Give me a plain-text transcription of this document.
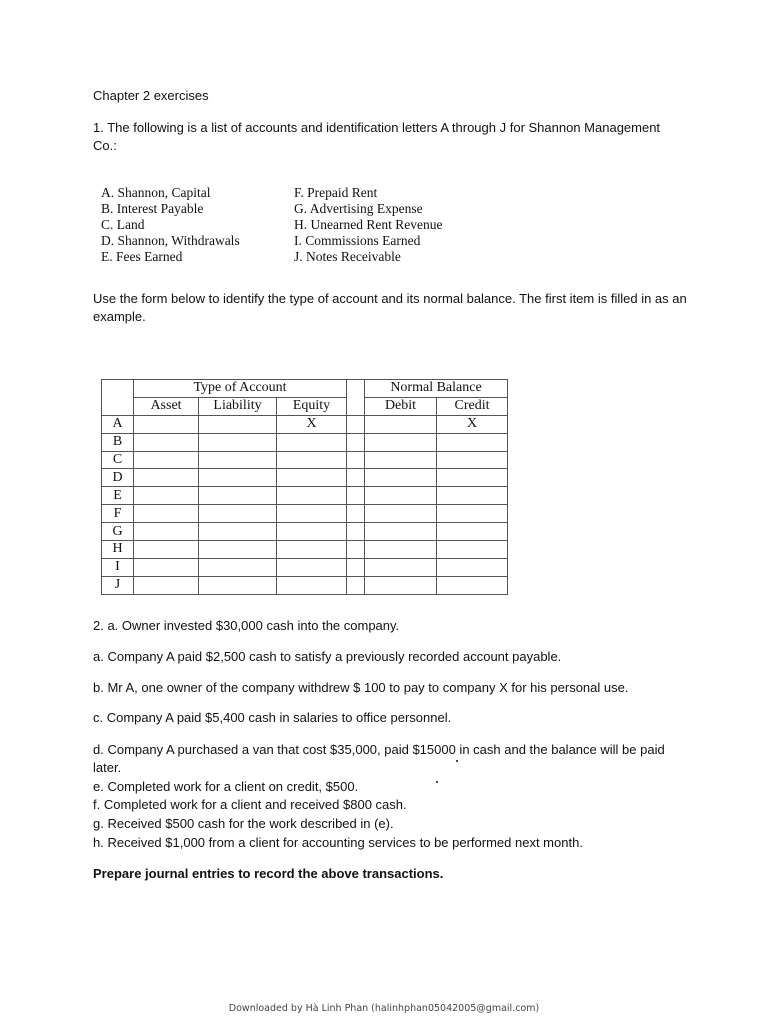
Chapter 2 exercises
1. The following is a list of accounts and identification letters A through J for Shannon Management Co.:
A. Shannon, Capital
B. Interest Payable
C. Land
D. Shannon, Withdrawals
E. Fees Earned
F. Prepaid Rent
G. Advertising Expense
H. Unearned Rent Revenue
I. Commissions Earned
J. Notes Receivable
Use the form below to identify the type of account and its normal balance. The first item is filled in as an example.
	Type of Account				Normal Balance	
	Asset	Liability	Equity		Debit	Credit
A			X			X
B						
C						
D						
E						
F						
G						
H						
I						
J						
2. a. Owner invested $30,000 cash into the company.
a. Company A paid $2,500 cash to satisfy a previously recorded account payable.
b. Mr A, one owner of the company withdrew $ 100 to pay to company X for his personal use.
c. Company A paid $5,400 cash in salaries to office personnel.
d. Company A purchased a van that cost $35,000, paid $15000 in cash and the balance will be paid later.
e. Completed work for a client on credit, $500.
f. Completed work for a client and received $800 cash.
g. Received $500 cash for the work described in (e).
h. Received $1,000 from a client for accounting services to be performed next month.
Prepare journal entries to record the above transactions.
Downloaded by Hà Linh Phan (halinhphan05042005@gmail.com)
